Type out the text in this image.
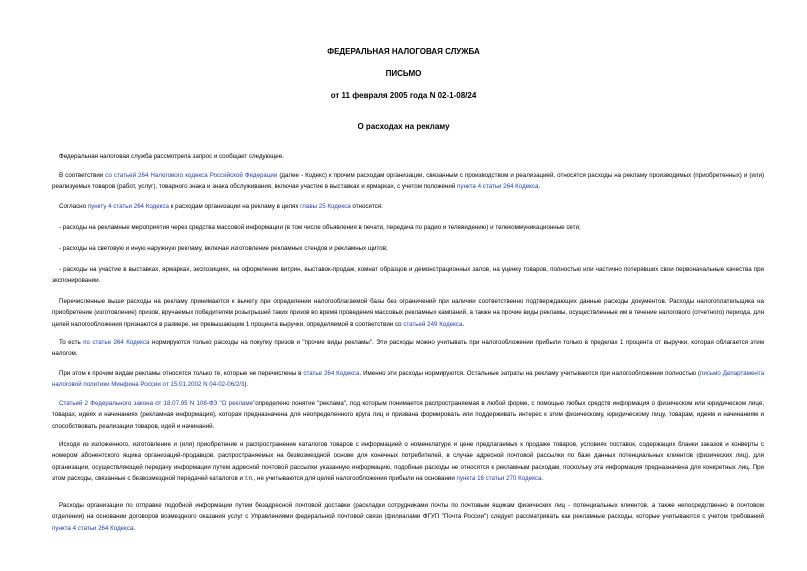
ФЕДЕРАЛЬНАЯ НАЛОГОВАЯ СЛУЖБА
ПИСЬМО
от 11 февраля 2005 года N 02-1-08/24
О расходах на рекламу

Федеральная налоговая служба рассмотрела запрос и сообщает следующее.

В соответствии со статьей 264 Налогового кодекса Российской Федерации (далее - Кодекс) к прочим расходам организации, связанным с производством и реализацией, относятся расходы на рекламу производимых (приобретенных) и (или) реализуемых товаров (работ, услуг), товарного знака и знака обслуживания, включая участие в выставках и ярмарках, с учетом положений пункта 4 статьи 264 Кодекса.

Согласно пункту 4 статьи 264 Кодекса к расходам организации на рекламу в целях главы 25 Кодекса относятся:

- расходы на рекламные мероприятия через средства массовой информации (в том числе объявления в печати, передача по радио и телевидению) и телекоммуникационные сети;

- расходы на световую и иную наружную рекламу, включая изготовление рекламных стендов и рекламных щитов;

- расходы на участие в выставках, ярмарках, экспозициях, на оформление витрин, выставок-продаж, комнат образцов и демонстрационных залов, на уценку товаров, полностью или частично потерявших свои первоначальные качества при экспонировании.

Перечисленные выше расходы на рекламу принимаются к вычету при определении налогооблагаемой базы без ограничений при наличии соответственно подтверждающих данные расходы документов. Расходы налогоплательщика на приобретение (изготовление) призов, вручаемых победителям розыгрышей таких призов во время проведения массовых рекламных кампаний, а также на прочие виды рекламы, осуществленные им в течение налогового (отчетного) периода, для целей налогообложения признаются в размере, не превышающем 1 процента выручки, определяемой в соответствии со статьей 249 Кодекса.

То есть по статье 264 Кодекса нормируются только расходы на покупку призов и "прочие виды рекламы". Эти расходы можно учитывать при налогообложении прибыли только в пределах 1 процента от выручки, которая облагается этим налогом.

При этом к прочим видам рекламы относятся только те, которые не перечислены в статье 264 Кодекса. Именно эти расходы нормируются. Остальные затраты на рекламу учитываются при налогообложении полностью (письмо Департамента налоговой политики Минфина России от 15.01.2002 N 04-02-06/2/3).

Статьей 2 Федерального закона от 18.07.95 N 108-ФЗ "О рекламе"определено понятие "реклама", под которым понимается распространяемая в любой форме, с помощью любых средств информация о физическом или юридическом лице, товарах, идеях и начинаниях (рекламная информация), которая предназначена для неопределенного круга лиц и призвана формировать или поддерживать интерес к этим физическому, юридическому лицу, товарам, идеям и начинаниям и способствовать реализации товаров, идей и начинаний.

Исходя из изложенного, изготовление и (или) приобретение и распространение каталогов товаров с информацией о номенклатуре и цене предлагаемых к продаже товаров, условиях поставок, содержащих бланки заказов и конверты с номером абонентского ящика организаций-продавцов, распространяемых на безвозмездной основе для конечных потребителей, в случае адресной почтовой рассылки по базе данных потенциальных клиентов (физических лиц), для организации, осуществляющей передачу информации путем адресной почтовой рассылки указанную информацию, подобные расходы не относятся к рекламным расходам, поскольку эта информация предназначена для конкретных лиц. При этом расходы, связанные с безвозмездной передачей каталогов и т.п., не учитываются для целей налогообложения прибыли на основании пункта 16 статьи 270 Кодекса.

Расходы организации по отправке подобной информации путем безадресной почтовой доставки (раскладки сотрудниками почты по почтовым ящикам физических лиц - потенциальных клиентов, а также непосредственно в почтовом отделении) на основании договоров возмездного оказания услуг с Управлениями федеральной почтовой связи (филиалами ФГУП "Почта России") следует рассматривать как рекламные расходы, которые учитываются с учетом требований пункта 4 статьи 264 Кодекса.
